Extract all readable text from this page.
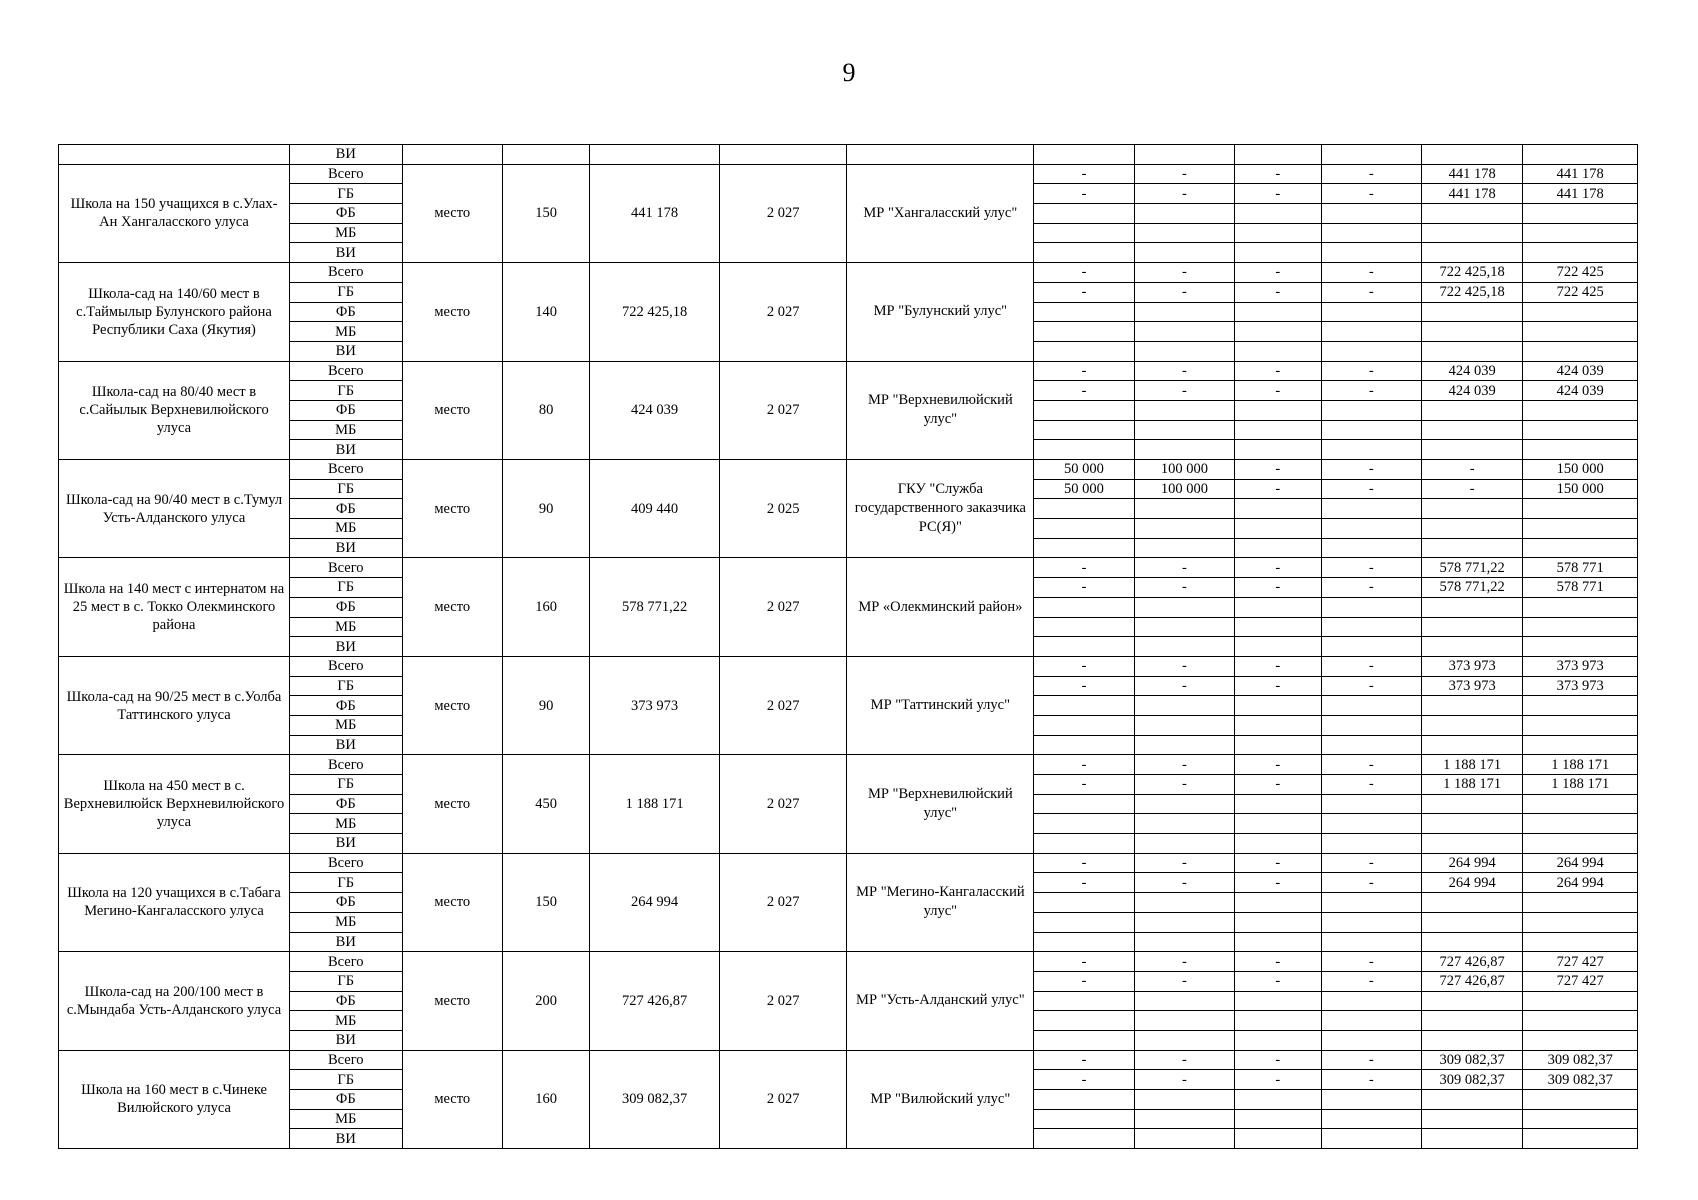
9
	ВИ											
Школа на 150 учащихся в с.Улах-Ан Хангаласского улуса	Всего	место	150	441 178	2 027	МР "Хангаласский улус"	-	-	-	-	441 178	441 178
	ГБ						-	-	-	-	441 178	441 178
	ФБ											
	МБ											
	ВИ											
Школа-сад на 140/60 мест в с.Таймылыр Булунского района Республики Саха (Якутия)	Всего	место	140	722 425,18	2 027	МР "Булунский улус"	-	-	-	-	722 425,18	722 425
	ГБ						-	-	-	-	722 425,18	722 425
	ФБ											
	МБ											
	ВИ											
Школа-сад на 80/40 мест в с.Сайылык Верхневилюйского улуса	Всего	место	80	424 039	2 027	МР "Верхневилюйский улус"	-	-	-	-	424 039	424 039
	ГБ						-	-	-	-	424 039	424 039
	ФБ											
	МБ											
	ВИ											
Школа-сад на 90/40 мест в с.Тумул Усть-Алданского улуса	Всего	место	90	409 440	2 025	ГКУ "Служба государственного заказчика РС(Я)"	50 000	100 000	-	-	-	150 000
	ГБ						50 000	100 000	-	-	-	150 000
	ФБ											
	МБ											
	ВИ											
Школа на 140 мест с интернатом на 25 мест в с. Токко Олекминского района	Всего	место	160	578 771,22	2 027	МР «Олекминский район»	-	-	-	-	578 771,22	578 771
	ГБ						-	-	-	-	578 771,22	578 771
	ФБ											
	МБ											
	ВИ											
Школа-сад на 90/25 мест в с.Уолба Таттинского улуса	Всего	место	90	373 973	2 027	МР "Таттинский улус"	-	-	-	-	373 973	373 973
	ГБ						-	-	-	-	373 973	373 973
	ФБ											
	МБ											
	ВИ											
Школа на 450 мест в с. Верхневилюйск Верхневилюйского улуса	Всего	место	450	1 188 171	2 027	МР "Верхневилюйский улус"	-	-	-	-	1 188 171	1 188 171
	ГБ						-	-	-	-	1 188 171	1 188 171
	ФБ											
	МБ											
	ВИ											
Школа на 120 учащихся в с.Табага Мегино-Кангаласского улуса	Всего	место	150	264 994	2 027	МР "Мегино-Кангаласский улус"	-	-	-	-	264 994	264 994
	ГБ						-	-	-	-	264 994	264 994
	ФБ											
	МБ											
	ВИ											
Школа-сад на 200/100 мест в с.Мындаба Усть-Алданского улуса	Всего	место	200	727 426,87	2 027	МР "Усть-Алданский улус"	-	-	-	-	727 426,87	727 427
	ГБ						-	-	-	-	727 426,87	727 427
	ФБ											
	МБ											
	ВИ											
Школа на 160 мест в с.Чинеке Вилюйского улуса	Всего	место	160	309 082,37	2 027	МР "Вилюйский улус"	-	-	-	-	309 082,37	309 082,37
	ГБ						-	-	-	-	309 082,37	309 082,37
	ФБ											
	МБ											
	ВИ											
